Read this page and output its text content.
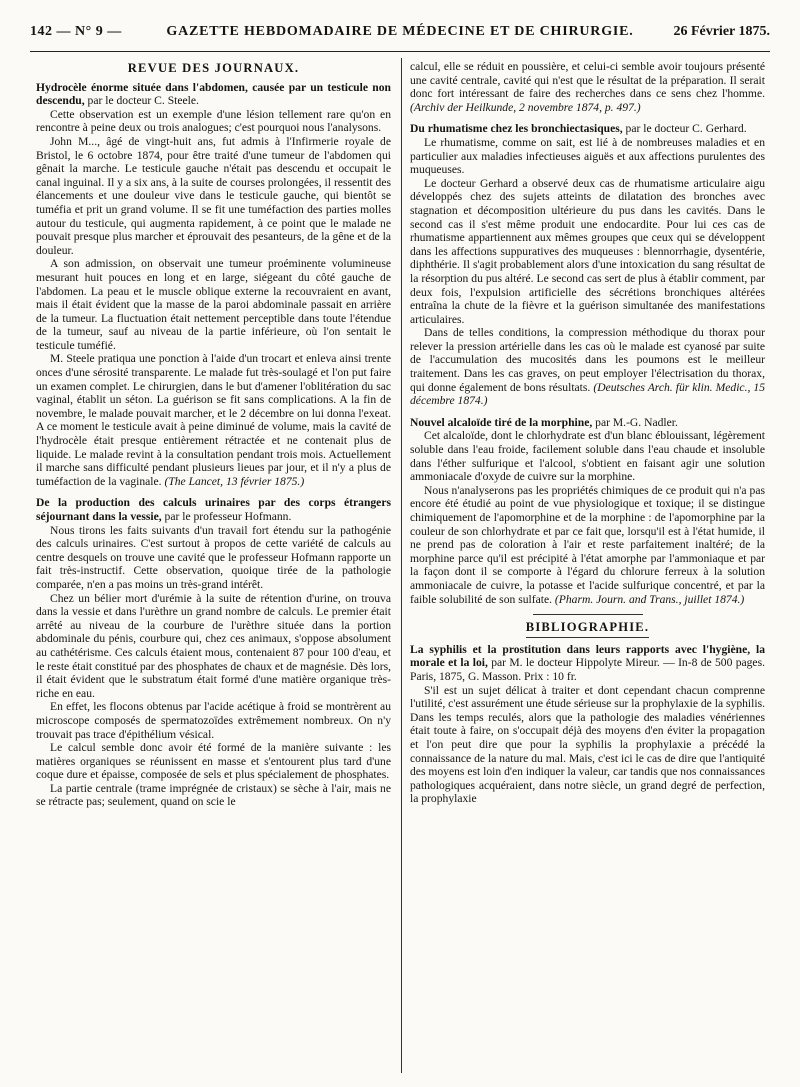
142 — N° 9 —	GAZETTE HEBDOMADAIRE DE MÉDECINE ET DE CHIRURGIE.	26 Février 1875.
REVUE DES JOURNAUX.

Hydrocèle énorme située dans l'abdomen, causée par un testicule non descendu, par le docteur C. Steele.

Cette observation est un exemple d'une lésion tellement rare qu'on en rencontre à peine deux ou trois analogues; c'est pourquoi nous l'analysons.

John M..., âgé de vingt-huit ans, fut admis à l'Infirmerie royale de Bristol, le 6 octobre 1874, pour être traité d'une tumeur de l'abdomen qui gênait la marche. Le testicule gauche n'était pas descendu et occupait le canal inguinal. Il y a six ans, à la suite de courses prolongées, il ressentit des élancements et une douleur vive dans le testicule gauche, qui bientôt se tuméfia et prit un grand volume. Il se fit une tuméfaction des parties molles autour du testicule, qui augmenta rapidement, à ce point que le malade ne pouvait presque plus marcher et éprouvait des pesanteurs, de la gêne et de la douleur.

A son admission, on observait une tumeur proéminente volumineuse mesurant huit pouces en long et en large, siégeant du côté gauche de l'abdomen. La peau et le muscle oblique externe la recouvraient en avant, mais il était évident que la masse de la paroi abdominale passait en arrière de la tumeur. La fluctuation était nettement perceptible dans toute l'étendue de la tumeur, sauf au niveau de la partie inférieure, où l'on sentait le testicule tuméfié.

M. Steele pratiqua une ponction à l'aide d'un trocart et enleva ainsi trente onces d'une sérosité transparente. Le malade fut très-soulagé et l'on put faire un examen complet. Le chirurgien, dans le but d'amener l'oblitération du sac vaginal, établit un séton. La guérison se fit sans complications. A la fin de novembre, le malade pouvait marcher, et le 2 décembre on lui donna l'exeat. A ce moment le testicule avait à peine diminué de volume, mais la cavité de l'hydrocèle était presque entièrement rétractée et ne contenait plus de liquide. Le malade revint à la consultation pendant trois mois. Actuellement il marche sans difficulté pendant plusieurs lieues par jour, et il n'y a plus de tuméfaction de la vaginale. (The Lancet, 13 février 1875.)

De la production des calculs urinaires par des corps étrangers séjournant dans la vessie, par le professeur Hofmann.

Nous tirons les faits suivants d'un travail fort étendu sur la pathogénie des calculs urinaires. C'est surtout à propos de cette variété de calculs au centre desquels on trouve une cavité que le professeur Hofmann rapporte un fait très-instructif. Cette observation, quoique tirée de la pathologie comparée, n'en a pas moins un très-grand intérêt.

Chez un bélier mort d'urémie à la suite de rétention d'urine, on trouva dans la vessie et dans l'urèthre un grand nombre de calculs. Le premier était arrêté au niveau de la courbure de l'urèthre située dans la portion abdominale du pénis, courbure qui, chez ces animaux, s'oppose absolument au cathétérisme. Ces calculs étaient mous, contenaient 87 pour 100 d'eau, et le reste était constitué par des phosphates de chaux et de magnésie. Dès lors, il était évident que le substratum était formé d'une matière organique très-riche en eau.

En effet, les flocons obtenus par l'acide acétique à froid se montrèrent au microscope composés de spermatozoïdes extrêmement nombreux. On n'y trouvait pas trace d'épithélium vésical.

Le calcul semble donc avoir été formé de la manière suivante : les matières organiques se réunissent en masse et s'entourent plus tard d'une coque dure et épaisse, composée de sels et plus spécialement de phosphates.

La partie centrale (trame imprégnée de cristaux) se sèche à l'air, mais ne se rétracte pas; seulement, quand on scie le

calcul, elle se réduit en poussière, et celui-ci semble avoir toujours présenté une cavité centrale, cavité qui n'est que le résultat de la préparation. Il serait donc fort intéressant de faire des recherches dans ce sens chez l'homme. (Archiv der Heilkunde, 2 novembre 1874, p. 497.)

Du rhumatisme chez les bronchiectasiques, par le docteur C. Gerhard.

Le rhumatisme, comme on sait, est lié à de nombreuses maladies et en particulier aux maladies infectieuses aiguës et aux affections purulentes des muqueuses.

Le docteur Gerhard a observé deux cas de rhumatisme articulaire aigu développés chez des sujets atteints de dilatation des bronches avec stagnation et décomposition ultérieure du pus dans les cavités. Dans le second cas il s'est même produit une endocardite. Pour lui ces cas de rhumatisme appartiennent aux mêmes groupes que ceux qui se développent dans les affections suppuratives des muqueuses : blennorrhagie, dysentérie, diphthérie. Il s'agit probablement alors d'une intoxication du sang résultat de la résorption du pus altéré. Le second cas sert de plus à établir comment, par deux fois, l'expulsion artificielle des sécrétions bronchiques altérées entraîna la chute de la fièvre et la guérison simultanée des manifestations articulaires.

Dans de telles conditions, la compression méthodique du thorax pour relever la pression artérielle dans les cas où le malade est cyanosé par suite de l'accumulation des mucosités dans les poumons est le meilleur traitement. Dans les cas graves, on peut employer l'électrisation du thorax, qui donne également de bons résultats. (Deutsches Arch. für klin. Medic., 15 décembre 1874.)

Nouvel alcaloïde tiré de la morphine, par M.-G. Nadler.

Cet alcaloïde, dont le chlorhydrate est d'un blanc éblouissant, légèrement soluble dans l'eau froide, facilement soluble dans l'eau chaude et insoluble dans l'éther sulfurique et l'alcool, s'obtient en faisant agir une solution ammoniacale d'oxyde de cuivre sur la morphine.

Nous n'analyserons pas les propriétés chimiques de ce produit qui n'a pas encore été étudié au point de vue physiologique et toxique; il se distingue chimiquement de l'apomorphine et de la morphine : de l'apomorphine par la couleur de son chlorhydrate et par ce fait que, lorsqu'il est à l'état humide, il ne prend pas de coloration à l'air et reste parfaitement inaltéré; de la morphine parce qu'il est précipité à l'état amorphe par l'ammoniaque et par la façon dont il se comporte à l'égard du chlorure ferreux à la solution ammoniacale de cuivre, la potasse et l'acide sulfurique concentré, et par la faible solubilité de son sulfate. (Pharm. Journ. and Trans., juillet 1874.)

BIBLIOGRAPHIE.

La syphilis et la prostitution dans leurs rapports avec l'hygiène, la morale et la loi, par M. le docteur Hippolyte Mireur. — In-8 de 500 pages. Paris, 1875, G. Masson. Prix : 10 fr.

S'il est un sujet délicat à traiter et dont cependant chacun comprenne l'utilité, c'est assurément une étude sérieuse sur la prophylaxie de la syphilis. Dans les temps reculés, alors que la pathologie des maladies vénériennes était toute à faire, on s'occupait déjà des moyens d'en éviter la propagation et l'on peut dire que pour la syphilis la prophylaxie a précédé la connaissance de la nature du mal. Mais, c'est ici le cas de dire que l'antiquité des moyens est loin d'en indiquer la valeur, car tandis que nos connaissances pathologiques acquéraient, dans notre siècle, un grand degré de perfection, la prophylaxie
